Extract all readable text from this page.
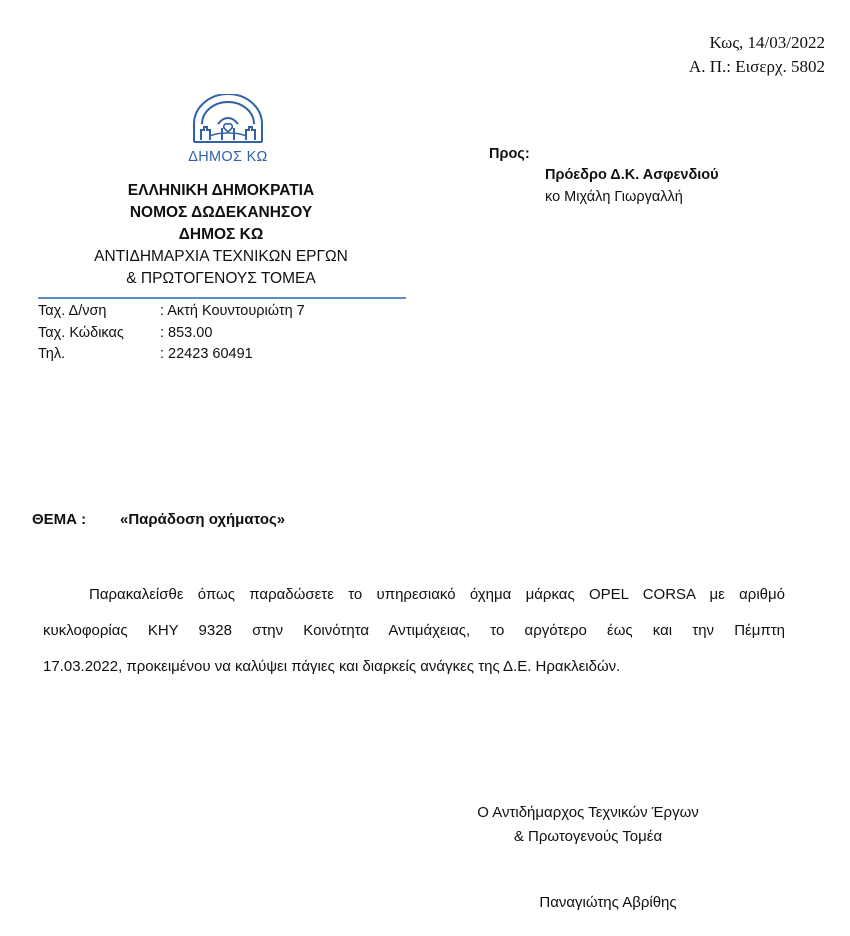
Κως, 14/03/2022
Α. Π.: Εισερχ. 5802
ΔΗΜΟΣ ΚΩ
ΕΛΛΗΝΙΚΗ ΔΗΜΟΚΡΑΤΙΑ
ΝΟΜΟΣ ΔΩΔΕΚΑΝΗΣΟΥ
ΔΗΜΟΣ ΚΩ
ΑΝΤΙΔΗΜΑΡΧΙΑ ΤΕΧΝΙΚΩΝ ΕΡΓΩΝ
& ΠΡΩΤΟΓΕΝΟΥΣ ΤΟΜΕΑ
Ταχ. Δ/νση	: Ακτή Κουντουριώτη 7
Ταχ. Κώδικας	: 853.00
Τηλ.	: 22423 60491
Προς:
Πρόεδρο Δ.Κ. Ασφενδιού
κο Μιχάλη Γιωργαλλή
ΘΕΜΑ :	«Παράδοση οχήματος»
Παρακαλείσθε όπως παραδώσετε το υπηρεσιακό όχημα μάρκας OPEL CORSA με αριθμό
κυκλοφορίας ΚΗΥ 9328 στην Κοινότητα Αντιμάχειας, το αργότερο έως και την Πέμπτη
17.03.2022, προκειμένου να καλύψει πάγιες και διαρκείς ανάγκες της Δ.Ε. Ηρακλειδών.
Ο Αντιδήμαρχος Τεχνικών Έργων
& Πρωτογενούς Τομέα
Παναγιώτης Αβρίθης
